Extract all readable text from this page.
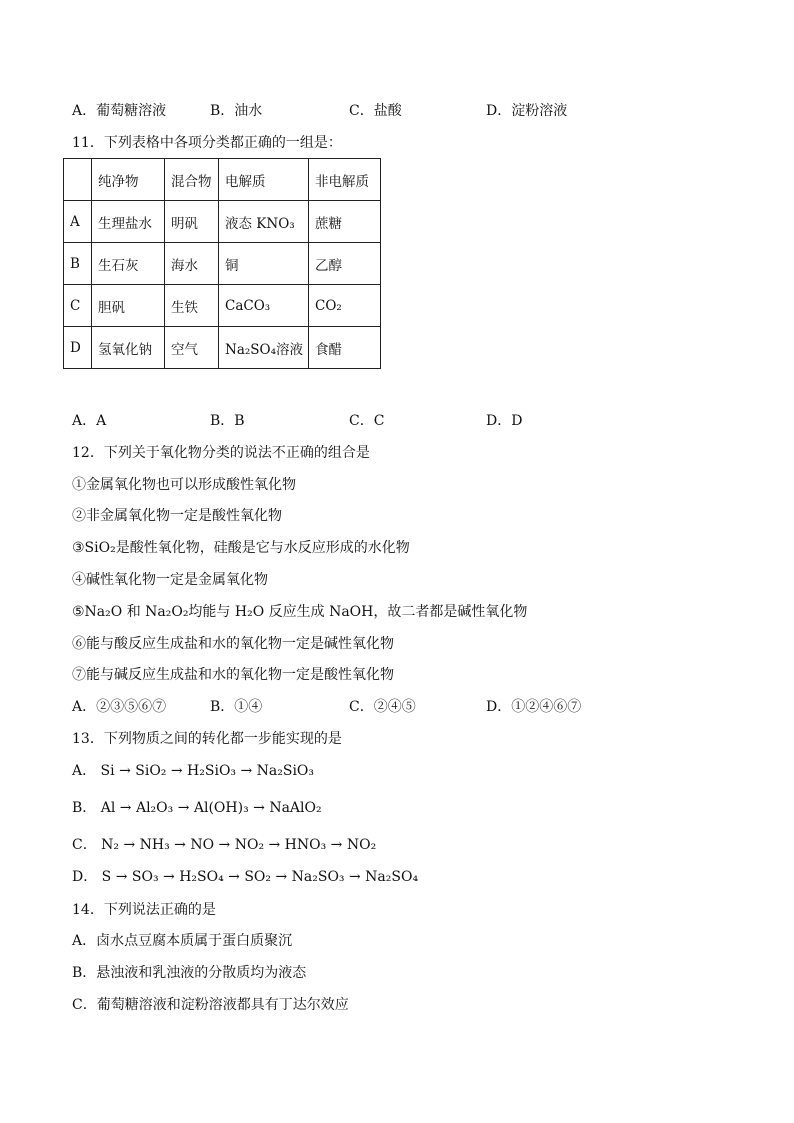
A．葡萄糖溶液	B．油水	C．盐酸	D．淀粉溶液
11．下列表格中各项分类都正确的一组是：
	纯净物	混合物	电解质	非电解质
A	生理盐水	明矾	液态 KNO₃	蔗糖
B	生石灰	海水	铜	乙醇
C	胆矾	生铁	CaCO₃	CO₂
D	氢氧化钠	空气	Na₂SO₄溶液	食醋
A．A	B．B	C．C	D．D
12．下列关于氧化物分类的说法不正确的组合是
①金属氧化物也可以形成酸性氧化物
②非金属氧化物一定是酸性氧化物
③SiO₂是酸性氧化物，硅酸是它与水反应形成的水化物
④碱性氧化物一定是金属氧化物
⑤Na₂O 和 Na₂O₂均能与 H₂O 反应生成 NaOH，故二者都是碱性氧化物
⑥能与酸反应生成盐和水的氧化物一定是碱性氧化物
⑦能与碱反应生成盐和水的氧化物一定是酸性氧化物
A．②③⑤⑥⑦	B．①④	C．②④⑤	D．①②④⑥⑦
13．下列物质之间的转化都一步能实现的是
A． Si → SiO₂ → H₂SiO₃ → Na₂SiO₃
B． Al → Al₂O₃ → Al(OH)₃ → NaAlO₂
C． N₂ → NH₃ → NO → NO₂ → HNO₃ → NO₂
D． S → SO₃ → H₂SO₄ → SO₂ → Na₂SO₃ → Na₂SO₄
14．下列说法正确的是
A．卤水点豆腐本质属于蛋白质聚沉
B．悬浊液和乳浊液的分散质均为液态
C．葡萄糖溶液和淀粉溶液都具有丁达尔效应
